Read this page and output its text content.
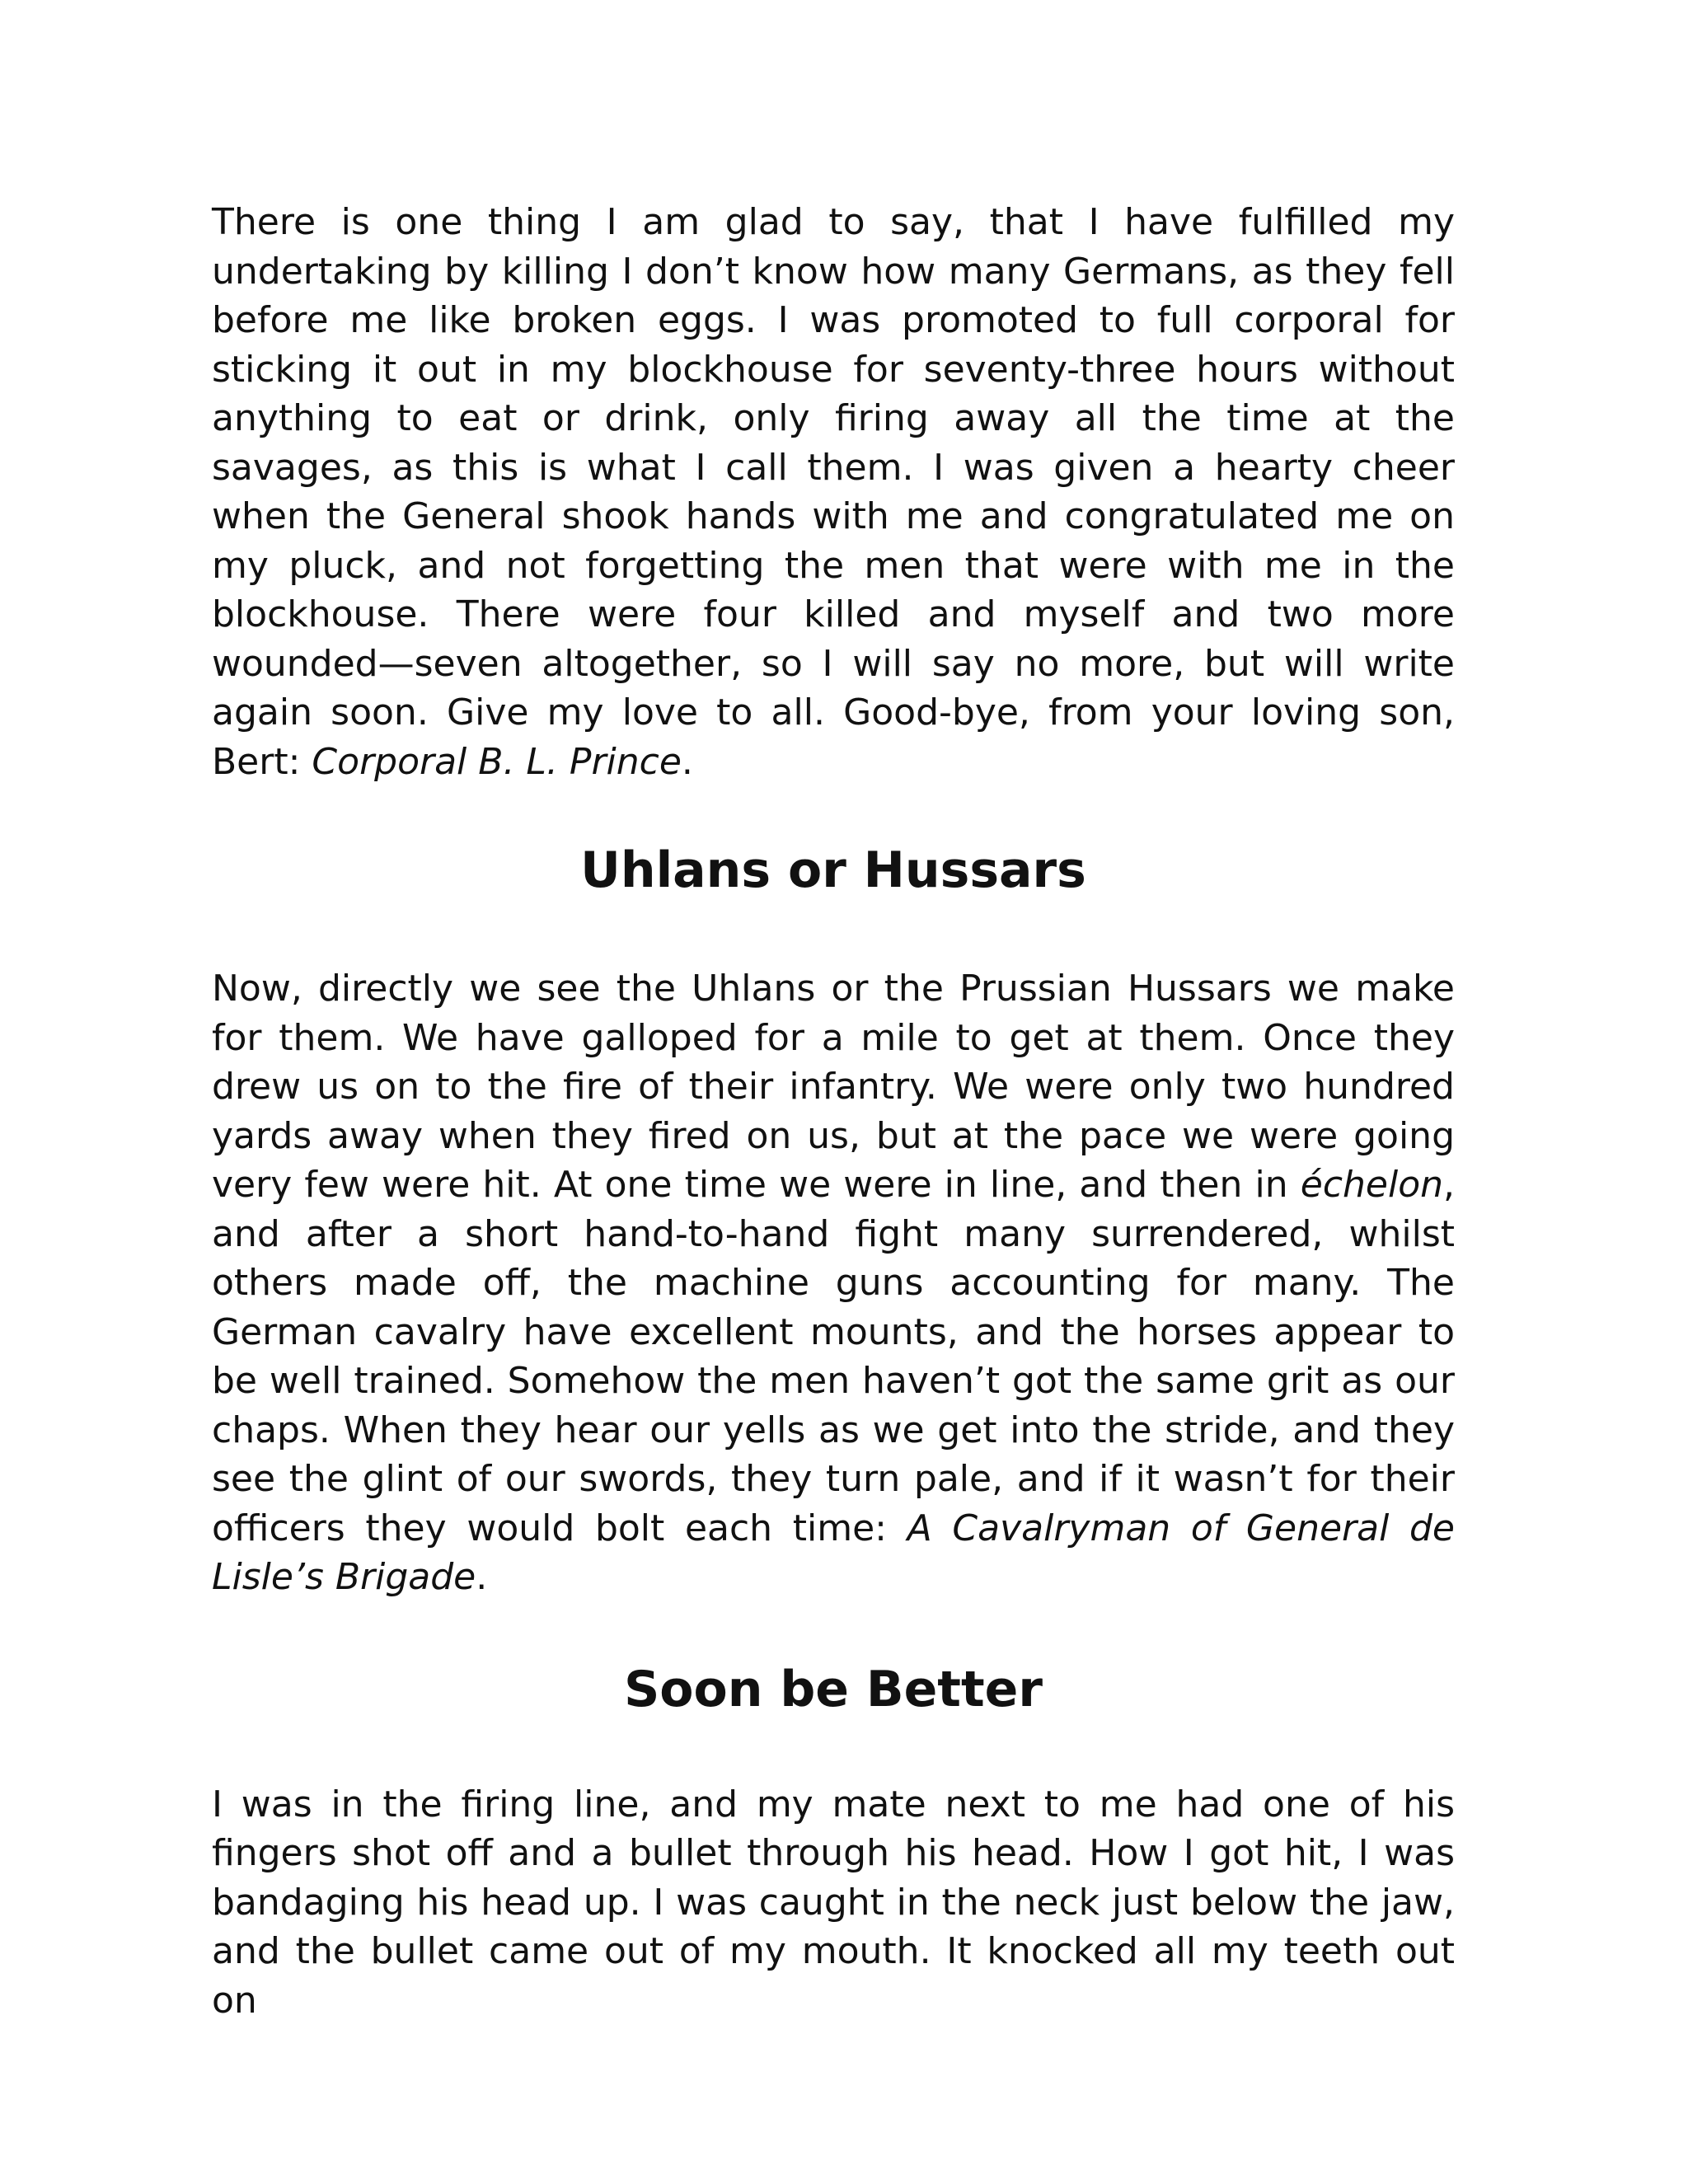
There is one thing I am glad to say, that I have fulfilled my undertaking by killing I don’t know how many Germans, as they fell before me like broken eggs. I was promoted to full corporal for sticking it out in my blockhouse for seventy-three hours without anything to eat or drink, only firing away all the time at the savages, as this is what I call them. I was given a hearty cheer when the General shook hands with me and congratulated me on my pluck, and not forgetting the men that were with me in the blockhouse. There were four killed and myself and two more wounded—seven altogether, so I will say no more, but will write again soon. Give my love to all. Good-bye, from your loving son, Bert: Corporal B. L. Prince.

Uhlans or Hussars

Now, directly we see the Uhlans or the Prussian Hussars we make for them. We have galloped for a mile to get at them. Once they drew us on to the fire of their infantry. We were only two hundred yards away when they fired on us, but at the pace we were going very few were hit. At one time we were in line, and then in échelon, and after a short hand-to-hand fight many surrendered, whilst others made off, the machine guns accounting for many. The German cavalry have excellent mounts, and the horses appear to be well trained. Somehow the men haven’t got the same grit as our chaps. When they hear our yells as we get into the stride, and they see the glint of our swords, they turn pale, and if it wasn’t for their officers they would bolt each time: A Cavalryman of General de Lisle’s Brigade.

Soon be Better

I was in the firing line, and my mate next to me had one of his fingers shot off and a bullet through his head. How I got hit, I was bandaging his head up. I was caught in the neck just below the jaw, and the bullet came out of my mouth. It knocked all my teeth out on
